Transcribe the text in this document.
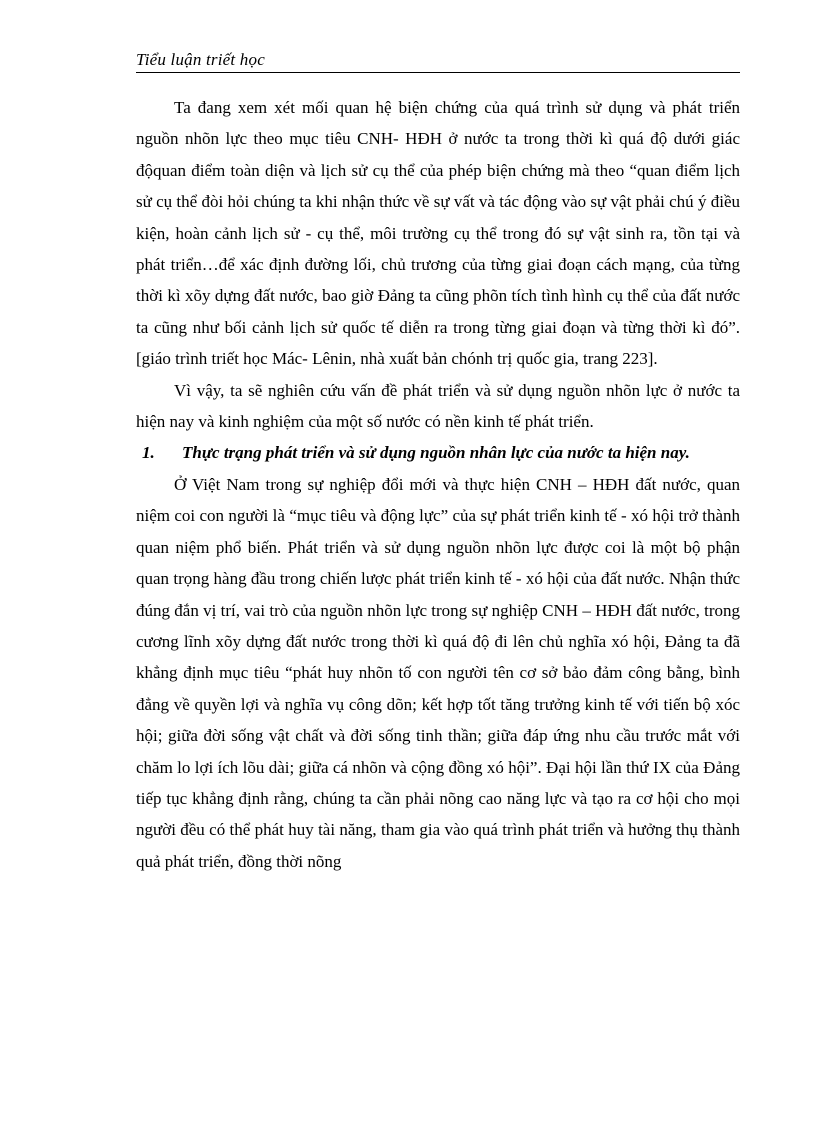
Tiểu luận triết học

Ta đang xem xét mối quan hệ biện chứng của quá trình sử dụng và phát triển nguồn nhõn lực theo mục tiêu CNH- HĐH ở nước ta trong thời kì quá độ dưới giác độquan điểm toàn diện và lịch sử cụ thể của phép biện chứng mà theo “quan điểm lịch sử cụ thể đòi hỏi chúng ta khi nhận thức về sự vất và tác động vào sự vật phải chú ý điều kiện, hoàn cảnh lịch sử - cụ thể, môi trường cụ thể trong đó sự vật sinh ra, tồn tại và phát triển…để xác định đường lối, chủ trương của từng giai đoạn cách mạng, của từng thời kì xõy dựng đất nước, bao giờ Đảng ta cũng phõn tích tình hình cụ thể của đất nước ta cũng như bối cảnh lịch sử quốc tế diễn ra trong từng giai đoạn và từng thời kì đó”. [giáo trình triết học Mác- Lênin, nhà xuất bản chónh trị quốc gia, trang 223].

Vì vậy, ta sẽ nghiên cứu vấn đề phát triển và sử dụng nguồn nhõn lực ở nước ta hiện nay và kinh nghiệm của một số nước có nền kinh tế phát triển.

1. Thực trạng phát triển và sử dụng nguồn nhân lực của nước ta hiện nay.

Ở Việt Nam trong sự nghiệp đổi mới và thực hiện CNH – HĐH đất nước, quan niệm coi con người là “mục tiêu và động lực” của sự phát triển kinh tế - xó hội trở thành quan niệm phổ biến. Phát triển và sử dụng nguồn nhõn lực được coi là một bộ phận quan trọng hàng đầu trong chiến lược phát triển kinh tế - xó hội của đất nước. Nhận thức đúng đắn vị trí, vai trò của nguồn nhõn lực trong sự nghiệp CNH – HĐH đất nước, trong cương lĩnh xõy dựng đất nước trong thời kì quá độ đi lên chủ nghĩa xó hội, Đảng ta đã khẳng định mục tiêu “phát huy nhõn tố con người tên cơ sở bảo đảm công bằng, bình đẳng về quyền lợi và nghĩa vụ công dõn; kết hợp tốt tăng trưởng kinh tế với tiến bộ xóc hội; giữa đời sống vật chất và đời sống tinh thần; giữa đáp ứng nhu cầu trước mắt với chăm lo lợi ích lõu dài; giữa cá nhõn và cộng đồng xó hội”. Đại hội lần thứ IX của Đảng tiếp tục khẳng định rằng, chúng ta cần phải nõng cao năng lực và tạo ra cơ hội cho mọi người đều có thể phát huy tài năng, tham gia vào quá trình phát triển và hưởng thụ thành quả phát triển, đồng thời nõng
